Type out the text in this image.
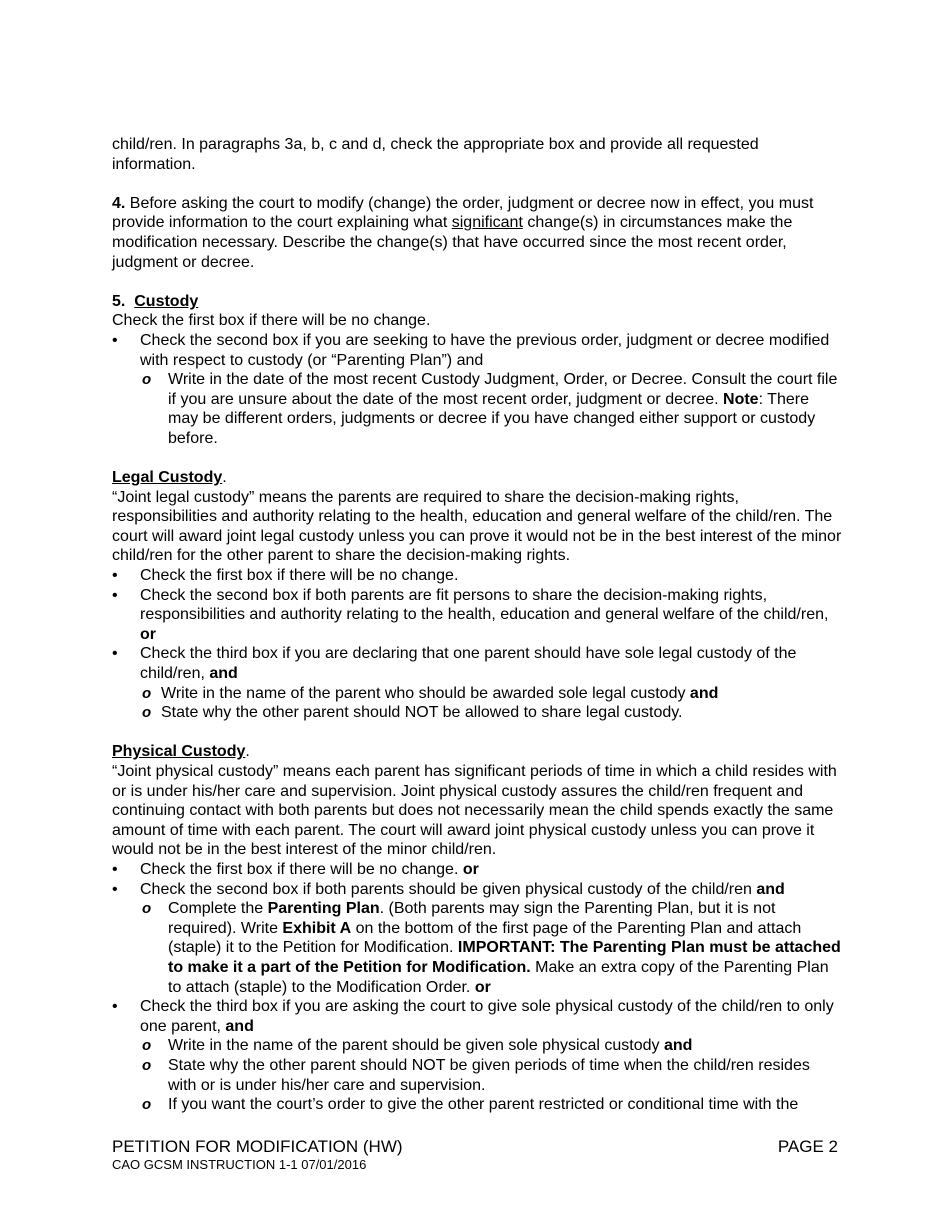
child/ren. In paragraphs 3a, b, c and d, check the appropriate box and provide all requested information.

4. Before asking the court to modify (change) the order, judgment or decree now in effect, you must provide information to the court explaining what significant change(s) in circumstances make the modification necessary. Describe the change(s) that have occurred since the most recent order, judgment or decree.

5. Custody

Check the first box if there will be no change.

•	Check the second box if you are seeking to have the previous order, judgment or decree modified with respect to custody (or “Parenting Plan”) and
o Write in the date of the most recent Custody Judgment, Order, or Decree. Consult the court file if you are unsure about the date of the most recent order, judgment or decree. Note: There may be different orders, judgments or decree if you have changed either support or custody before.

Legal Custody.

“Joint legal custody” means the parents are required to share the decision-making rights, responsibilities and authority relating to the health, education and general welfare of the child/ren. The court will award joint legal custody unless you can prove it would not be in the best interest of the minor child/ren for the other parent to share the decision-making rights.

•	Check the first box if there will be no change.
•	Check the second box if both parents are fit persons to share the decision-making rights, responsibilities and authority relating to the health, education and general welfare of the child/ren, or
•	Check the third box if you are declaring that one parent should have sole legal custody of the child/ren, and
o Write in the name of the parent who should be awarded sole legal custody and
o State why the other parent should NOT be allowed to share legal custody.

Physical Custody.

“Joint physical custody” means each parent has significant periods of time in which a child resides with or is under his/her care and supervision. Joint physical custody assures the child/ren frequent and continuing contact with both parents but does not necessarily mean the child spends exactly the same amount of time with each parent. The court will award joint physical custody unless you can prove it would not be in the best interest of the minor child/ren.

•	Check the first box if there will be no change. or
•	Check the second box if both parents should be given physical custody of the child/ren and
o Complete the Parenting Plan. (Both parents may sign the Parenting Plan, but it is not required). Write Exhibit A on the bottom of the first page of the Parenting Plan and attach (staple) it to the Petition for Modification. IMPORTANT: The Parenting Plan must be attached to make it a part of the Petition for Modification. Make an extra copy of the Parenting Plan to attach (staple) to the Modification Order. or
•	Check the third box if you are asking the court to give sole physical custody of the child/ren to only one parent, and
o Write in the name of the parent should be given sole physical custody and
o State why the other parent should NOT be given periods of time when the child/ren resides with or is under his/her care and supervision.
o If you want the court’s order to give the other parent restricted or conditional time with the
PETITION FOR MODIFICATION (HW)	PAGE 2
CAO GCSM INSTRUCTION 1-1 07/01/2016
